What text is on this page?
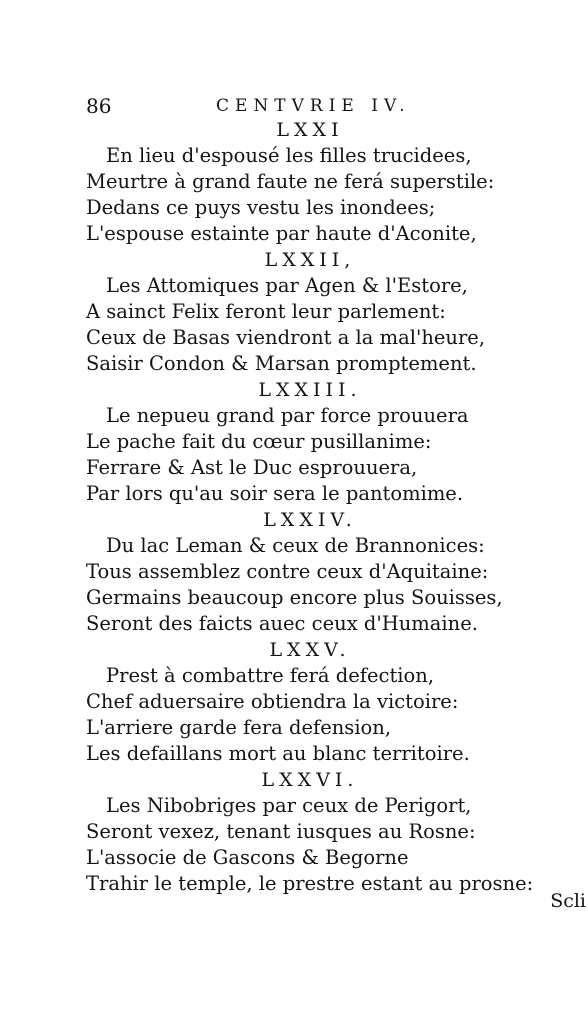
86	CENTVRIE IV.
LXXI
En lieu d'espousé les filles trucidees,
Meurtre à grand faute ne ferá superstile:
Dedans ce puys vestu les inondees;
L'espouse estainte par haute d'Aconite,
LXXII,
Les Attomiques par Agen & l'Estore,
A sainct Felix feront leur parlement:
Ceux de Basas viendront a la mal'heure,
Saisir Condon & Marsan promptement.
LXXIII.
Le nepueu grand par force prouuera
Le pache fait du cœur pusillanime:
Ferrare & Ast le Duc esprouuera,
Par lors qu'au soir sera le pantomime.
LXXIV.
Du lac Leman & ceux de Brannonices:
Tous assemblez contre ceux d'Aquitaine:
Germains beaucoup encore plus Souisses,
Seront des faicts auec ceux d'Humaine.
LXXV.
Prest à combattre ferá defection,
Chef aduersaire obtiendra la victoire:
L'arriere garde fera defension,
Les defaillans mort au blanc territoire.
LXXVI.
Les Nibobriges par ceux de Perigort,
Seront vexez, tenant iusques au Rosne:
L'associe de Gascons & Begorne
Trahir le temple, le prestre estant au prosne:
Scli
